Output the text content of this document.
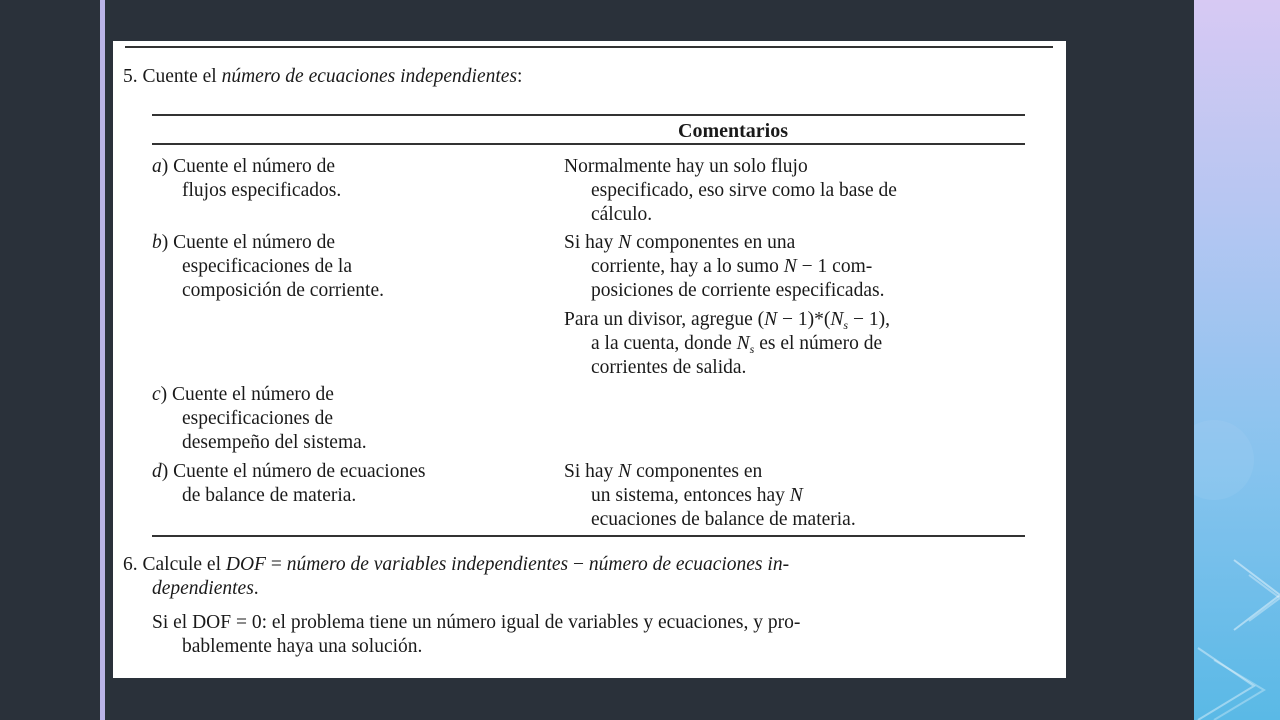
5. Cuente el número de ecuaciones independientes:
Comentarios
a) Cuente el número de
flujos especificados.
Normalmente hay un solo flujo
especificado, eso sirve como la base de
cálculo.
b) Cuente el número de
especificaciones de la
composición de corriente.
Si hay N componentes en una
corriente, hay a lo sumo N − 1 com-
posiciones de corriente especificadas.
Para un divisor, agregue $(N - 1)*(N_s - 1)$,
a la cuenta, donde $N_s$ es el número de
corrientes de salida.
c) Cuente el número de
especificaciones de
desempeño del sistema.
d) Cuente el número de ecuaciones
de balance de materia.
Si hay N componentes en
un sistema, entonces hay N
ecuaciones de balance de materia.
6. Calcule el DOF = número de variables independientes − número de ecuaciones in-
dependientes.
Si el DOF = 0: el problema tiene un número igual de variables y ecuaciones, y pro-
bablemente haya una solución.
